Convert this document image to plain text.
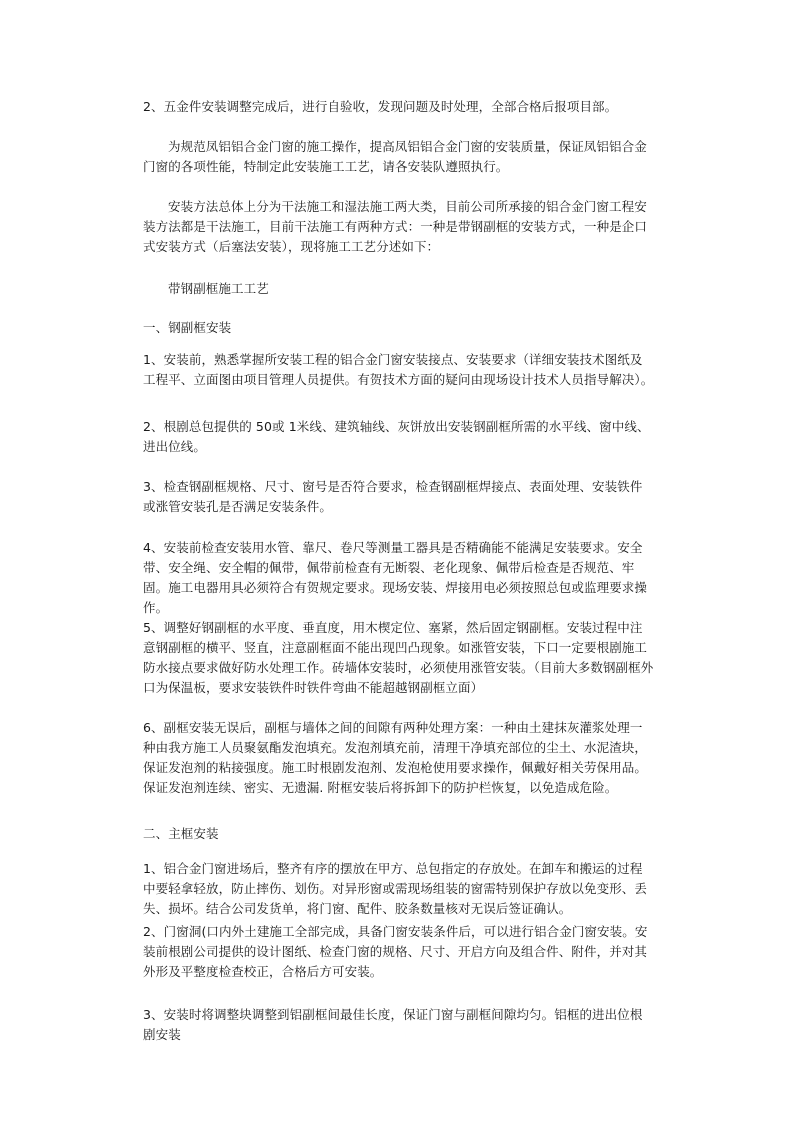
2、五金件安装调整完成后，进行自验收，发现问题及时处理，全部合格后报项目部。

为规范凤铝铝合金门窗的施工操作，提高凤铝铝合金门窗的安装质量，保证凤铝铝合金门窗的各项性能，特制定此安装施工工艺，请各安装队遵照执行。

安装方法总体上分为干法施工和湿法施工两大类，目前公司所承接的铝合金门窗工程安装方法都是干法施工，目前干法施工有两种方式：一种是带钢副框的安装方式，一种是企口式安装方式（后塞法安装），现将施工工艺分述如下：

带钢副框施工工艺

一、钢副框安装

1、安装前，熟悉掌握所安装工程的铝合金门窗安装接点、安装要求（详细安装技术图纸及工程平、立面图由项目管理人员提供。有贺技术方面的疑问由现场设计技术人员指导解决）。

2、根剧总包提供的 50或 1米线、建筑轴线、灰饼放出安装钢副框所需的水平线、窗中线、进出位线。

3、检查钢副框规格、尺寸、窗号是否符合要求，检查钢副框焊接点、表面处理、安装铁件或涨管安装孔是否满足安装条件。

4、安装前检查安装用水管、靠尺、卷尺等测量工器具是否精确能不能满足安装要求。安全带、安全绳、安全帽的佩带，佩带前检查有无断裂、老化现象、佩带后检查是否规范、牢固。施工电器用具必须符合有贺规定要求。现场安装、焊接用电必须按照总包或监理要求操作。

5、调整好钢副框的水平度、垂直度，用木楔定位、塞紧，然后固定钢副框。安装过程中注意钢副框的横平、竖直，注意副框面不能出现凹凸现象。如涨管安装，下口一定要根剧施工防水接点要求做好防水处理工作。砖墙体安装时，必须使用涨管安装。（目前大多数钢副框外口为保温板，要求安装铁件时铁件弯曲不能超越钢副框立面）

6、副框安装无误后，副框与墙体之间的间隙有两种处理方案：一种由土建抹灰灌浆处理一种由我方施工人员聚氨酯发泡填充。发泡剂填充前，清理干净填充部位的尘土、水泥渣块，保证发泡剂的粘接强度。施工时根剧发泡剂、发泡枪使用要求操作，佩戴好相关劳保用品。保证发泡剂连续、密实、无遗漏. 附框安装后将拆卸下的防护栏恢复，以免造成危险。

二、主框安装

1、铝合金门窗进场后，整齐有序的摆放在甲方、总包指定的存放处。在卸车和搬运的过程中要轻拿轻放，防止摔伤、划伤。对异形窗或需现场组装的窗需特别保护存放以免变形、丢失、损坏。结合公司发货单，将门窗、配件、胶条数量核对无误后签证确认。

2、门窗洞(口内外土建施工全部完成，具备门窗安装条件后，可以进行铝合金门窗安装。安装前根剧公司提供的设计图纸、检查门窗的规格、尺寸、开启方向及组合件、附件，并对其外形及平整度检查校正，合格后方可安装。

3、安装时将调整块调整到铝副框间最佳长度，保证门窗与副框间隙均匀。铝框的进出位根剧安装
